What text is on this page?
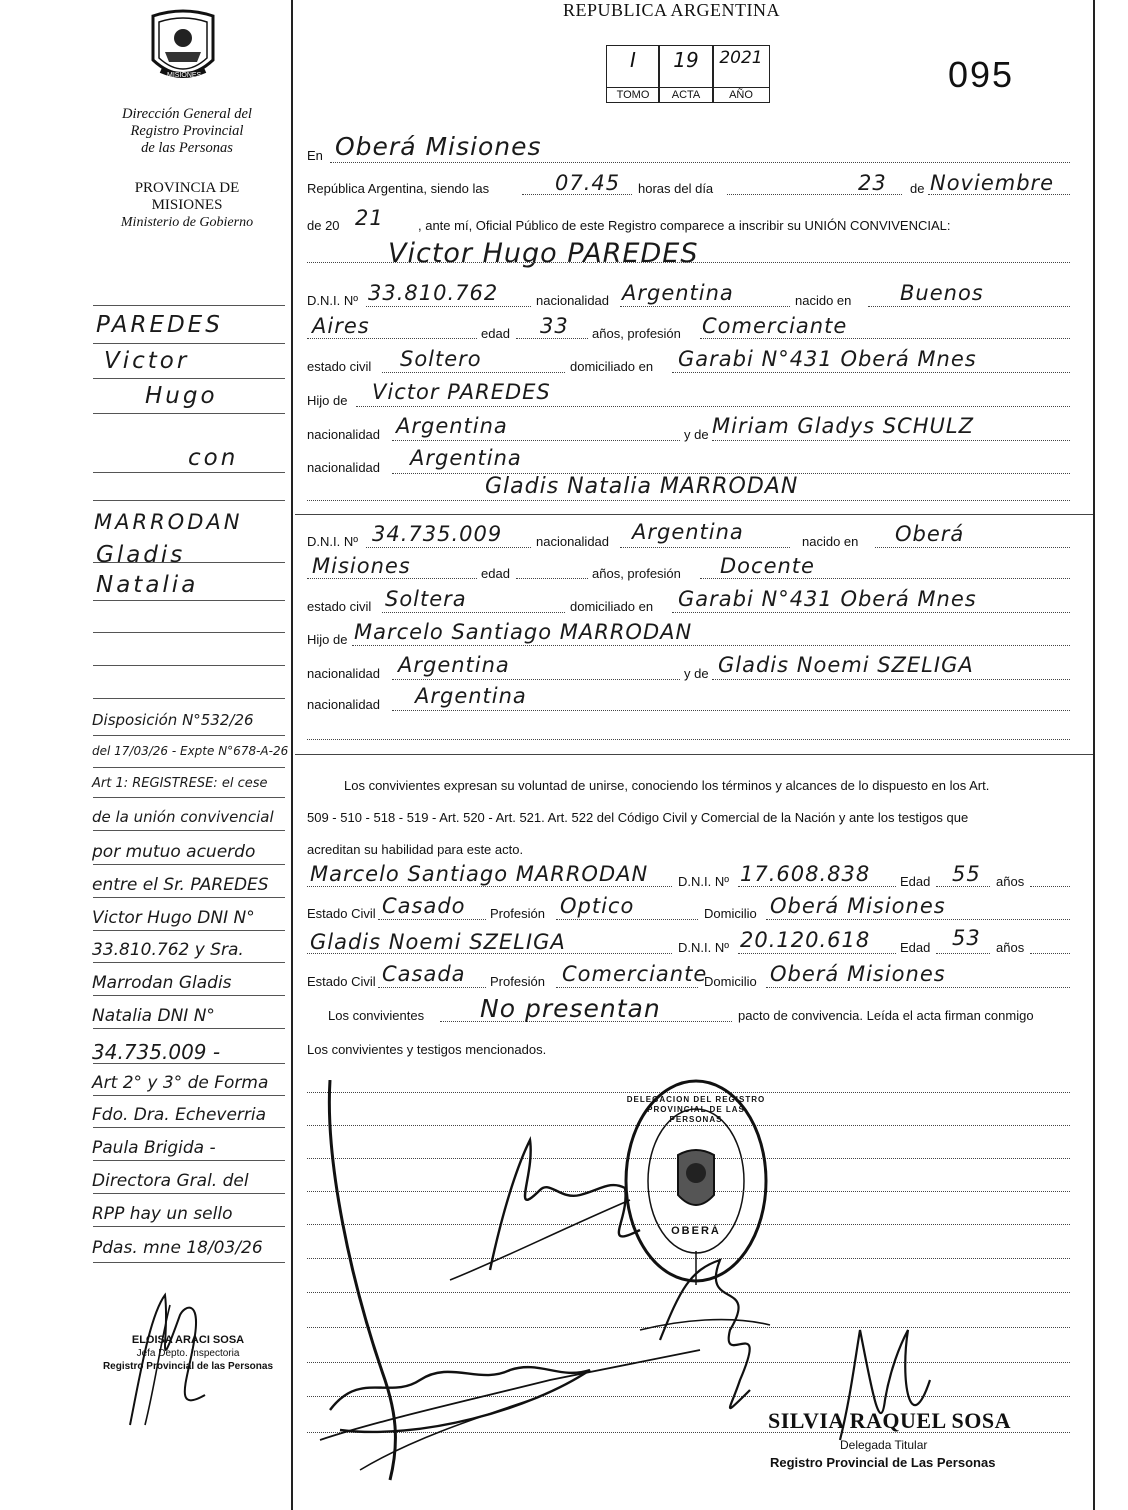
REPUBLICA ARGENTINA
I
TOMO
19
ACTA
2021
AÑO	095
MISIONES
Dirección General del
Registro Provincial
de las Personas
PROVINCIA DE
MISIONES
Ministerio de Gobierno
PAREDES
Victor
Hugo
con
MARRODAN
Gladis
Natalia
Disposición N°532/26
del 17/03/26 - Expte N°678-A-26
Art 1: REGISTRESE: el cese
de la unión convivencial
por mutuo acuerdo
entre el Sr. PAREDES
Victor Hugo DNI N°
33.810.762 y Sra.
Marrodan Gladis
Natalia DNI N°
34.735.009 -
Art 2° y 3° de Forma
Fdo. Dra. Echeverria
Paula Brigida -
Directora Gral. del
RPP hay un sello
Pdas. mne 18/03/26
ELOISA ARACI SOSA
Jefa Depto. Inspectoria
Registro Provincial de las Personas
En Oberá Misiones
República Argentina, siendo las	07.45 horas del día	23 de Noviembre
de 20 21	, ante mí, Oficial Público de este Registro comparece a inscribir su UNIÓN CONVIVENCIAL:
Victor Hugo PAREDES
D.N.I. Nº 33.810.762	nacionalidad Argentina	nacido en Buenos
Aires	edad 33 años, profesión Comerciante
estado civil Soltero	domiciliado en Garabi N°431 Oberá Mnes
Hijo de Victor PAREDES
nacionalidad Argentina	y de Miriam Gladys SCHULZ
nacionalidad Argentina
Gladis Natalia MARRODAN
D.N.I. Nº 34.735.009	nacionalidad Argentina	nacido en Oberá
Misiones	edad	años, profesión Docente
estado civil Soltera	domiciliado en Garabi N°431 Oberá Mnes
Hijo de Marcelo Santiago MARRODAN
nacionalidad Argentina	y de Gladis Noemi SZELIGA
nacionalidad Argentina
Los convivientes expresan su voluntad de unirse, conociendo los términos y alcances de lo dispuesto en los Art.
509 - 510 - 518 - 519 - Art. 520 - Art. 521. Art. 522 del Código Civil y Comercial de la Nación y ante los testigos que
acreditan su habilidad para este acto.
Marcelo Santiago MARRODAN D.N.I. Nº 17.608.838 Edad 55 años
Estado Civil Casado Profesión Optico	Domicilio Oberá Misiones
Gladis Noemi SZELIGA	D.N.I. Nº 20.120.618 Edad 53 años
Estado Civil Casada Profesión Comerciante
Domicilio Oberá Misiones
Los convivientes No presentan	pacto de convivencia. Leída el acta firman conmigo
Los convivientes y testigos mencionados.
DELEGACION DEL REGISTRO PROVINCIAL DE LAS PERSONAS
OBERÁ
SILVIA RAQUEL SOSA
Delegada Titular
Registro Provincial de Las Personas
